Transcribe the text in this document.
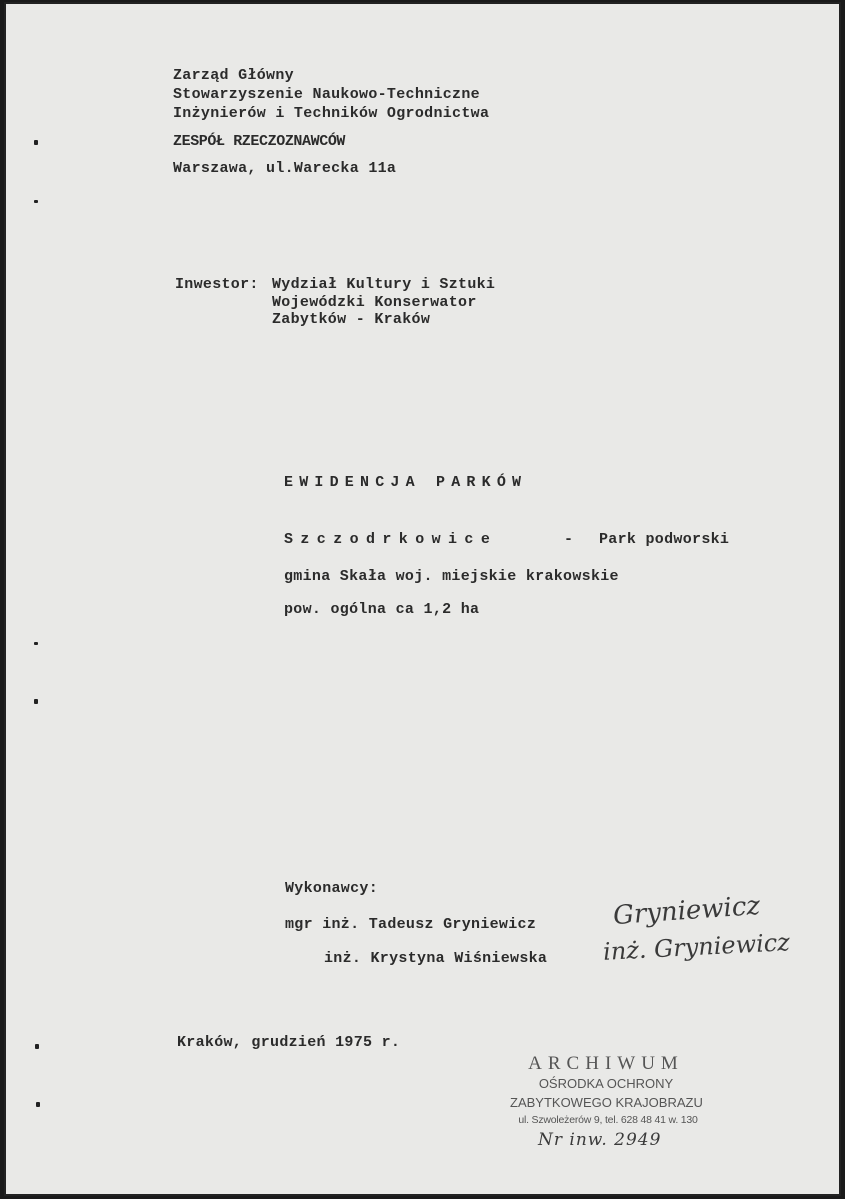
Zarząd Główny
Stowarzyszenie Naukowo-Techniczne
Inżynierów i Techników Ogrodnictwa
ZESPÓŁ RZECZOZNAWCÓW
Warszawa, ul.Warecka 11a
Inwestor: Wydział Kultury i Sztuki
Wojewódzki Konserwator
Zabytków - Kraków
EWIDENCJA PARKÓW
Szczodrkowice	- Park podworski
gmina Skała woj. miejskie krakowskie
pow. ogólna ca 1,2 ha
Wykonawcy:
mgr inż. Tadeusz Gryniewicz
inż. Krystyna Wiśniewska
Gryniewicz
inż. Gryniewicz
Kraków, grudzień 1975 r.
ARCHIWUM
OŚRODKA OCHRONY
ZABYTKOWEGO KRAJOBRAZU
ul. Szwoleżerów 9, tel. 628 48 41 w. 130
Nr inw. 2949
